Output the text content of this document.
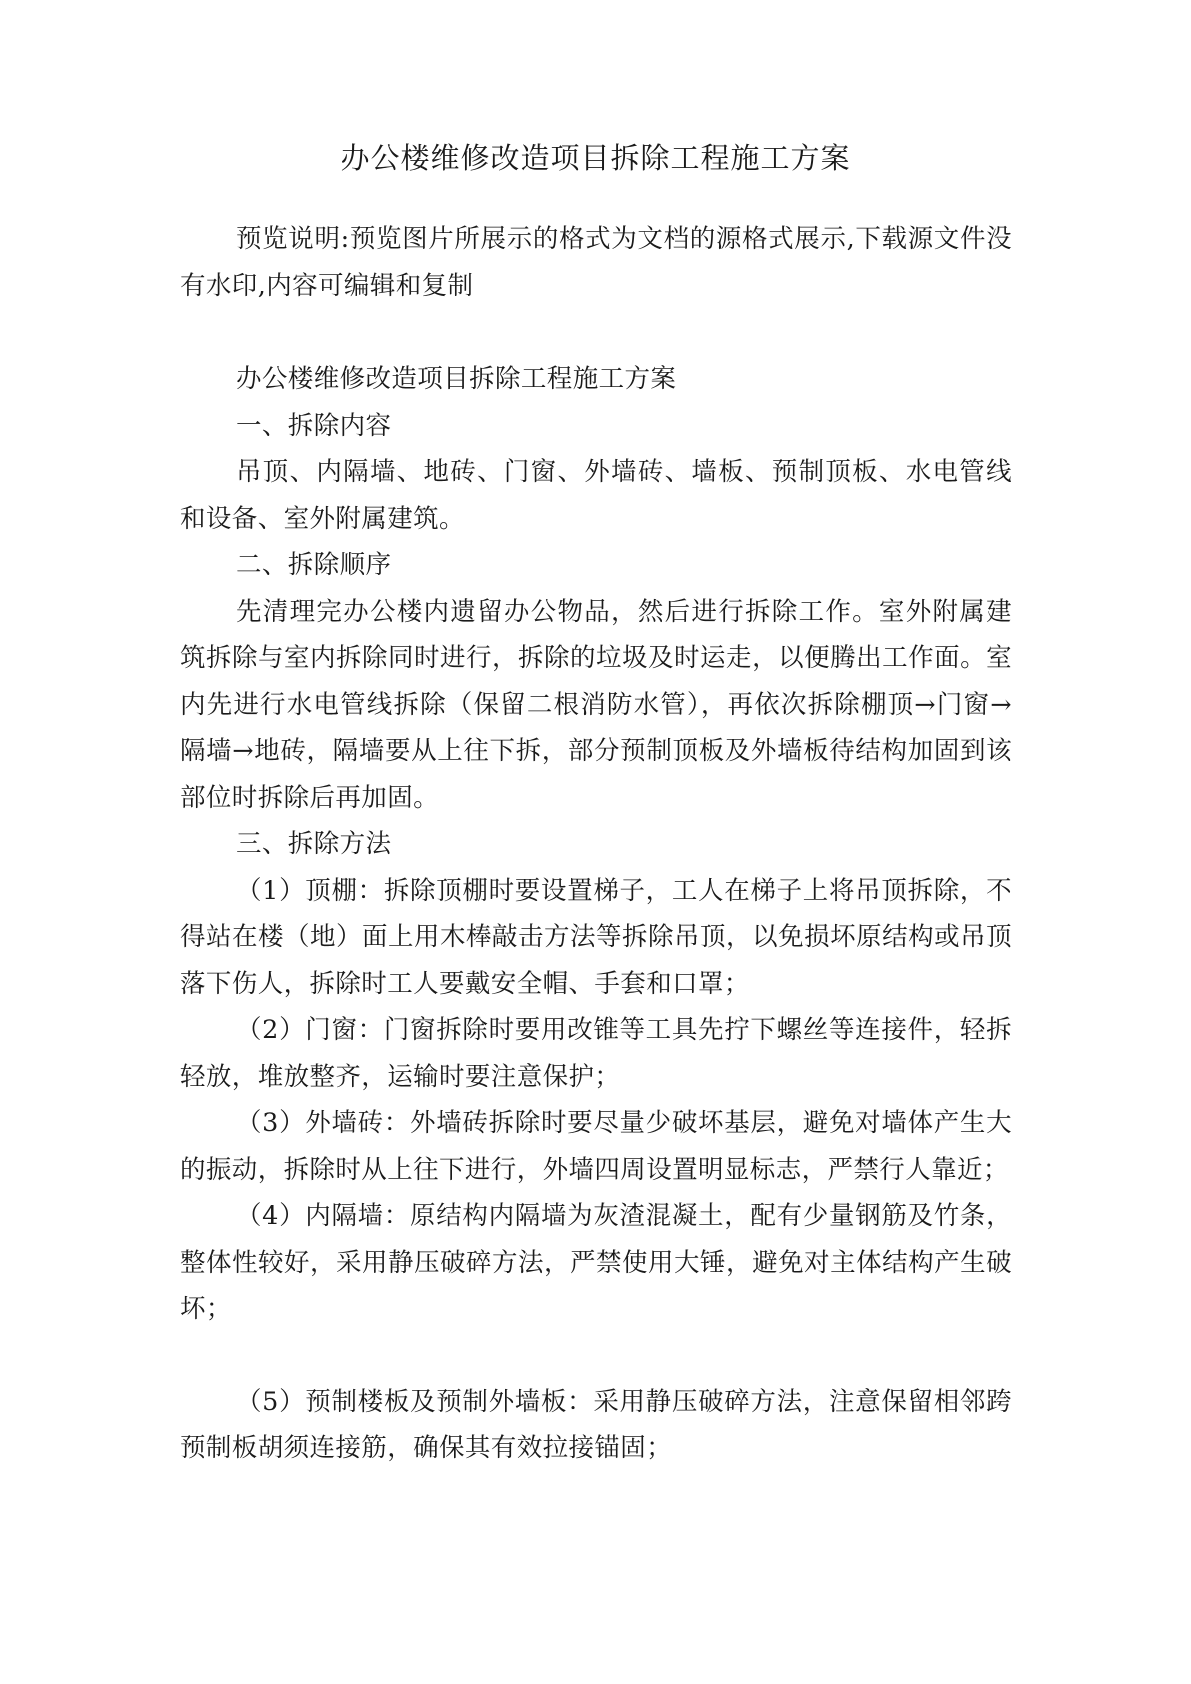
办公楼维修改造项目拆除工程施工方案

预览说明:预览图片所展示的格式为文档的源格式展示,下载源文件没有水印,内容可编辑和复制

办公楼维修改造项目拆除工程施工方案

一、拆除内容

吊顶、内隔墙、地砖、门窗、外墙砖、墙板、预制顶板、水电管线和设备、室外附属建筑。

二、拆除顺序

先清理完办公楼内遗留办公物品，然后进行拆除工作。室外附属建筑拆除与室内拆除同时进行，拆除的垃圾及时运走，以便腾出工作面。室内先进行水电管线拆除（保留二根消防水管），再依次拆除棚顶→门窗→隔墙→地砖，隔墙要从上往下拆，部分预制顶板及外墙板待结构加固到该部位时拆除后再加固。

三、拆除方法

（1）顶棚：拆除顶棚时要设置梯子，工人在梯子上将吊顶拆除，不得站在楼（地）面上用木棒敲击方法等拆除吊顶，以免损坏原结构或吊顶落下伤人，拆除时工人要戴安全帽、手套和口罩；

（2）门窗：门窗拆除时要用改锥等工具先拧下螺丝等连接件，轻拆轻放，堆放整齐，运输时要注意保护；

（3）外墙砖：外墙砖拆除时要尽量少破坏基层，避免对墙体产生大的振动，拆除时从上往下进行，外墙四周设置明显标志，严禁行人靠近；

（4）内隔墙：原结构内隔墙为灰渣混凝土，配有少量钢筋及竹条，整体性较好，采用静压破碎方法，严禁使用大锤，避免对主体结构产生破坏；

（5）预制楼板及预制外墙板：采用静压破碎方法，注意保留相邻跨预制板胡须连接筋，确保其有效拉接锚固；
